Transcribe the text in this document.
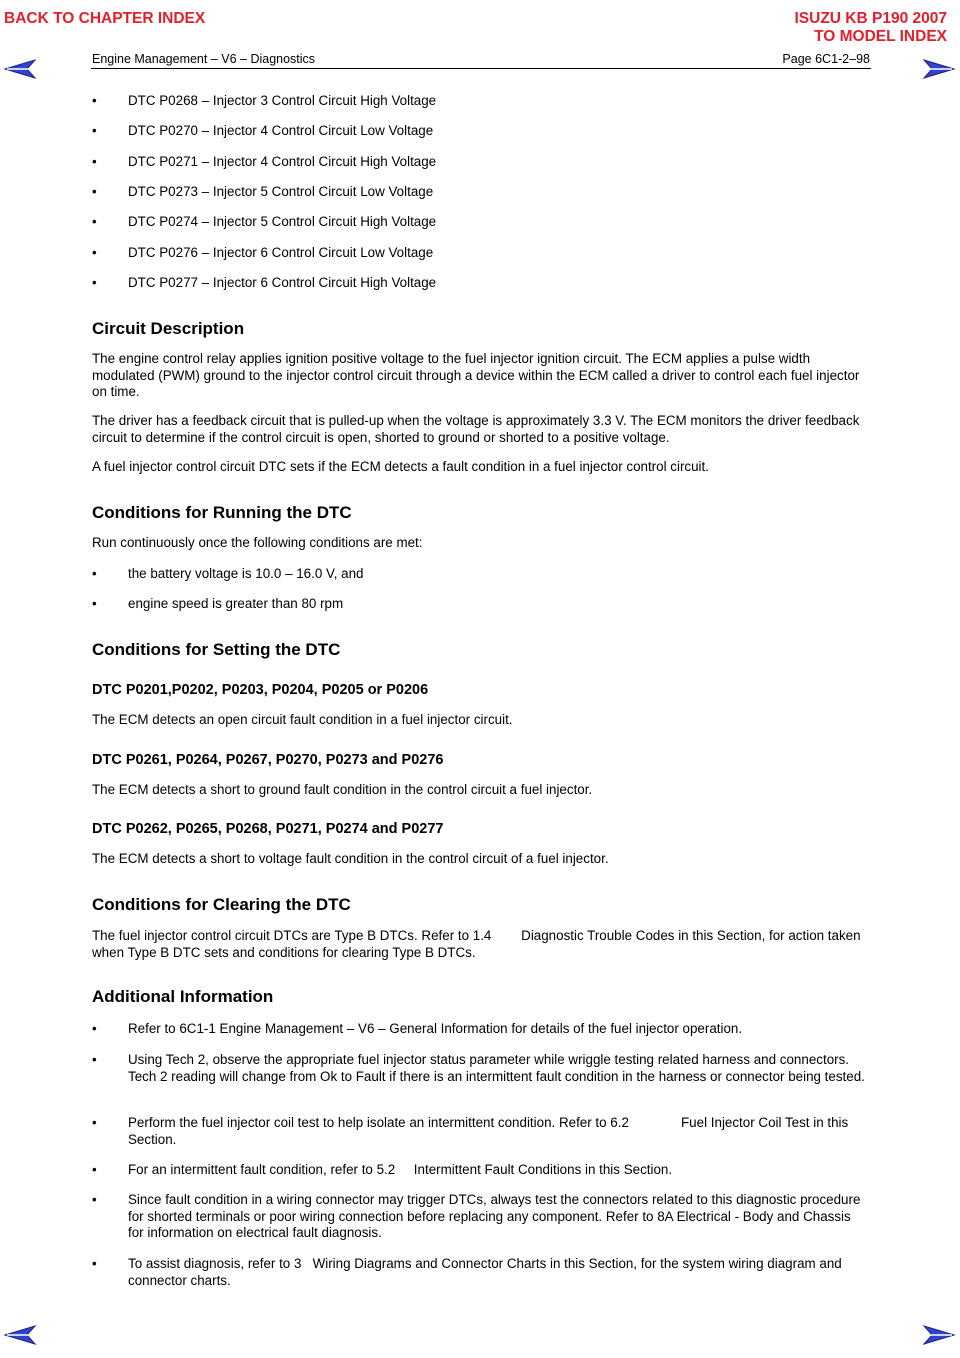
BACK TO CHAPTER INDEX	ISUZU KB P190 2007
TO MODEL INDEX
Engine Management – V6 – Diagnostics	Page 6C1-2–98
• DTC P0268 – Injector 3 Control Circuit High Voltage
• DTC P0270 – Injector 4 Control Circuit Low Voltage
• DTC P0271 – Injector 4 Control Circuit High Voltage
• DTC P0273 – Injector 5 Control Circuit Low Voltage
• DTC P0274 – Injector 5 Control Circuit High Voltage
• DTC P0276 – Injector 6 Control Circuit Low Voltage
• DTC P0277 – Injector 6 Control Circuit High Voltage
Circuit Description

The engine control relay applies ignition positive voltage to the fuel injector ignition circuit. The ECM applies a pulse width modulated (PWM) ground to the injector control circuit through a device within the ECM called a driver to control each fuel injector on time.

The driver has a feedback circuit that is pulled-up when the voltage is approximately 3.3 V. The ECM monitors the driver feedback circuit to determine if the control circuit is open, shorted to ground or shorted to a positive voltage.

A fuel injector control circuit DTC sets if the ECM detects a fault condition in a fuel injector control circuit.

Conditions for Running the DTC

Run continuously once the following conditions are met:

• the battery voltage is 10.0 – 16.0 V, and
• engine speed is greater than 80 rpm
Conditions for Setting the DTC
DTC P0201,P0202, P0203, P0204, P0205 or P0206

The ECM detects an open circuit fault condition in a fuel injector circuit.

DTC P0261, P0264, P0267, P0270, P0273 and P0276

The ECM detects a short to ground fault condition in the control circuit a fuel injector.

DTC P0262, P0265, P0268, P0271, P0274 and P0277

The ECM detects a short to voltage fault condition in the control circuit of a fuel injector.

Conditions for Clearing the DTC

The fuel injector control circuit DTCs are Type B DTCs. Refer to 1.4        Diagnostic Trouble Codes in this Section, for action taken when Type B DTC sets and conditions for clearing Type B DTCs.

Additional Information
• Refer to 6C1-1 Engine Management – V6 – General Information for details of the fuel injector operation.
• Using Tech 2, observe the appropriate fuel injector status parameter while wriggle testing related harness and connectors. Tech 2 reading will change from Ok to Fault if there is an intermittent fault condition in the harness or connector being tested.
• Perform the fuel injector coil test to help isolate an intermittent condition. Refer to 6.2              Fuel Injector Coil Test in this Section.
• For an intermittent fault condition, refer to 5.2     Intermittent Fault Conditions in this Section.
• Since fault condition in a wiring connector may trigger DTCs, always test the connectors related to this diagnostic procedure for shorted terminals or poor wiring connection before replacing any component. Refer to 8A Electrical - Body and Chassis for information on electrical fault diagnosis.
• To assist diagnosis, refer to 3   Wiring Diagrams and Connector Charts in this Section, for the system wiring diagram and connector charts.
